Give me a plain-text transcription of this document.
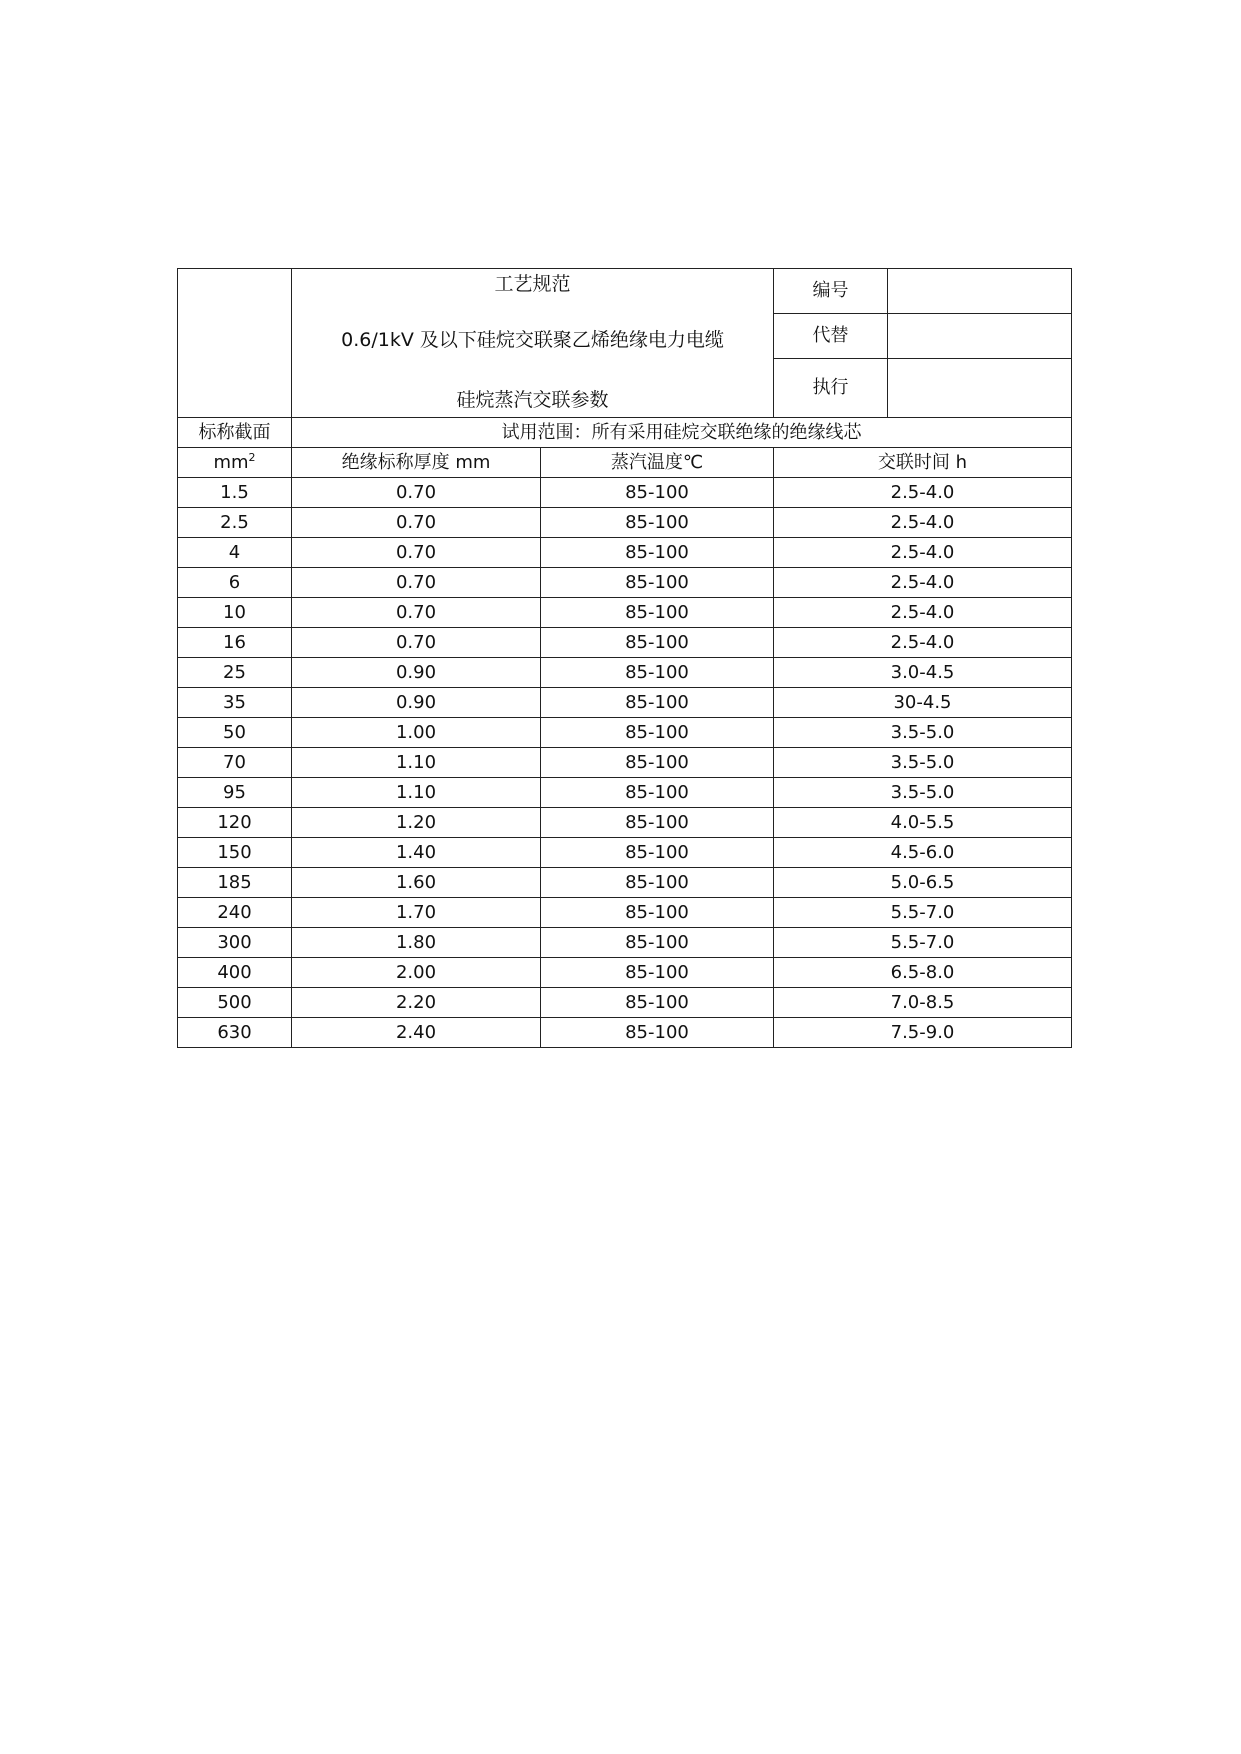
	工艺规范
0.6/1kV 及以下硅烷交联聚乙烯绝缘电力电缆
硅烷蒸汽交联参数		编号	
			代替	
			执行	
标称截面	试用范围：所有采用硅烷交联绝缘的绝缘线芯			
$mm^2$	绝缘标称厚度 mm	蒸汽温度℃	交联时间 h	
1.5	0.70	85-100	2.5-4.0	
2.5	0.70	85-100	2.5-4.0	
4	0.70	85-100	2.5-4.0	
6	0.70	85-100	2.5-4.0	
10	0.70	85-100	2.5-4.0	
16	0.70	85-100	2.5-4.0	
25	0.90	85-100	3.0-4.5	
35	0.90	85-100	30-4.5	
50	1.00	85-100	3.5-5.0	
70	1.10	85-100	3.5-5.0	
95	1.10	85-100	3.5-5.0	
120	1.20	85-100	4.0-5.5	
150	1.40	85-100	4.5-6.0	
185	1.60	85-100	5.0-6.5	
240	1.70	85-100	5.5-7.0	
300	1.80	85-100	5.5-7.0	
400	2.00	85-100	6.5-8.0	
500	2.20	85-100	7.0-8.5	
630	2.40	85-100	7.5-9.0	
